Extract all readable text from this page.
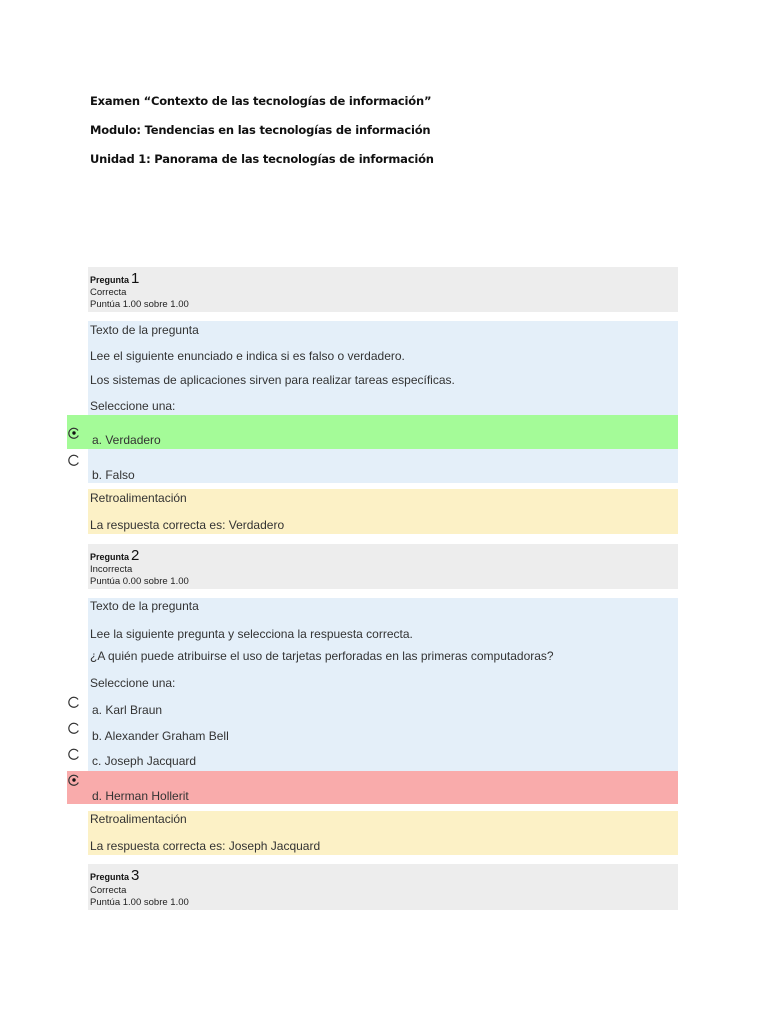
Examen “Contexto de las tecnologías de información”
Modulo: Tendencias en las tecnologías de información
Unidad 1: Panorama de las tecnologías de información
Pregunta 1
Correcta
Puntúa 1.00 sobre 1.00
Texto de la pregunta
Lee el siguiente enunciado e indica si es falso o verdadero.
Los sistemas de aplicaciones sirven para realizar tareas específicas.
Seleccione una:
a. Verdadero
b. Falso
Retroalimentación
La respuesta correcta es: Verdadero
Pregunta 2
Incorrecta
Puntúa 0.00 sobre 1.00
Texto de la pregunta
Lee la siguiente pregunta y selecciona la respuesta correcta.
¿A quién puede atribuirse el uso de tarjetas perforadas en las primeras computadoras?
Seleccione una:
a. Karl Braun
b. Alexander Graham Bell
c. Joseph Jacquard
d. Herman Hollerit
Retroalimentación
La respuesta correcta es: Joseph Jacquard
Pregunta 3
Correcta
Puntúa 1.00 sobre 1.00
